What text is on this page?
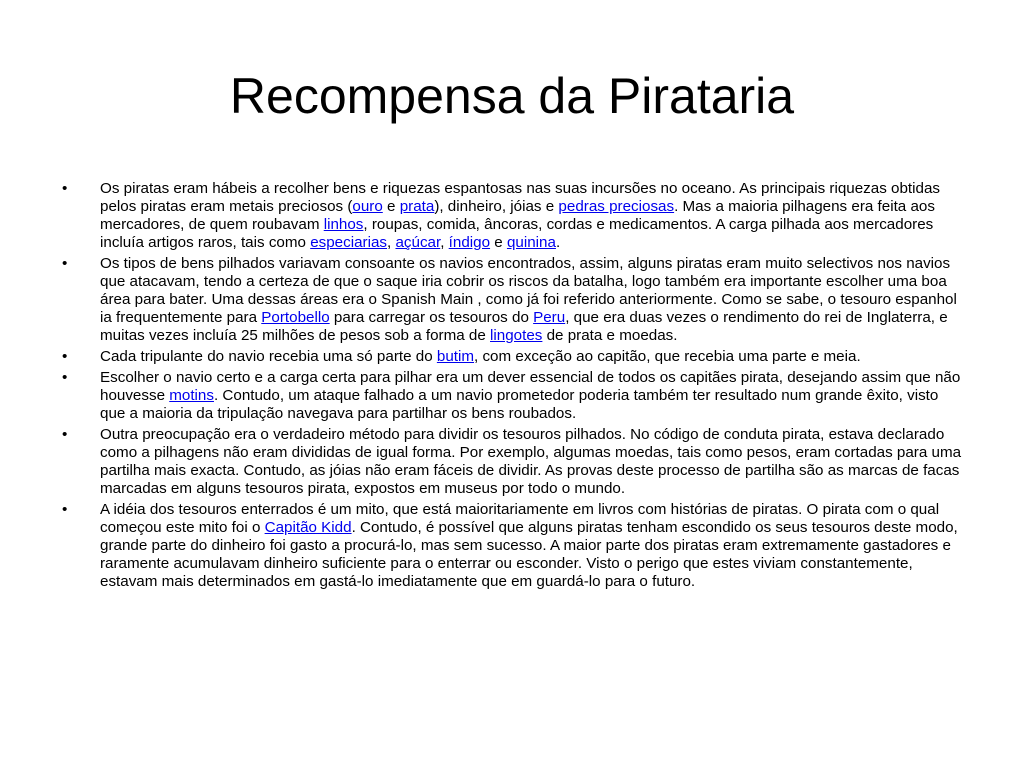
Recompensa da Pirataria
•	Os piratas eram hábeis a recolher bens e riquezas espantosas nas suas incursões no oceano. As principais riquezas obtidas pelos piratas eram metais preciosos (ouro e prata), dinheiro, jóias e pedras preciosas. Mas a maioria pilhagens era feita aos mercadores, de quem roubavam linhos, roupas, comida, âncoras, cordas e medicamentos. A carga pilhada aos mercadores incluía artigos raros, tais como especiarias, açúcar, índigo e quinina.
•	Os tipos de bens pilhados variavam consoante os navios encontrados, assim, alguns piratas eram muito selectivos nos navios que atacavam, tendo a certeza de que o saque iria cobrir os riscos da batalha, logo também era importante escolher uma boa área para bater. Uma dessas áreas era o Spanish Main , como já foi referido anteriormente. Como se sabe, o tesouro espanhol ia frequentemente para Portobello para carregar os tesouros do Peru, que era duas vezes o rendimento do rei de Inglaterra, e muitas vezes incluía 25 milhões de pesos sob a forma de lingotes de prata e moedas.
•	Cada tripulante do navio recebia uma só parte do butim, com exceção ao capitão, que recebia uma parte e meia.
•	Escolher o navio certo e a carga certa para pilhar era um dever essencial de todos os capitães pirata, desejando assim que não houvesse motins. Contudo, um ataque falhado a um navio prometedor poderia também ter resultado num grande êxito, visto que a maioria da tripulação navegava para partilhar os bens roubados.
•	Outra preocupação era o verdadeiro método para dividir os tesouros pilhados. No código de conduta pirata, estava declarado como a pilhagens não eram divididas de igual forma. Por exemplo, algumas moedas, tais como pesos, eram cortadas para uma partilha mais exacta. Contudo, as jóias não eram fáceis de dividir. As provas deste processo de partilha são as marcas de facas marcadas em alguns tesouros pirata, expostos em museus por todo o mundo.
•	A idéia dos tesouros enterrados é um mito, que está maioritariamente em livros com histórias de piratas. O pirata com o qual começou este mito foi o Capitão Kidd. Contudo, é possível que alguns piratas tenham escondido os seus tesouros deste modo, grande parte do dinheiro foi gasto a procurá-lo, mas sem sucesso. A maior parte dos piratas eram extremamente gastadores e raramente acumulavam dinheiro suficiente para o enterrar ou esconder. Visto o perigo que estes viviam constantemente, estavam mais determinados em gastá-lo imediatamente que em guardá-lo para o futuro.
